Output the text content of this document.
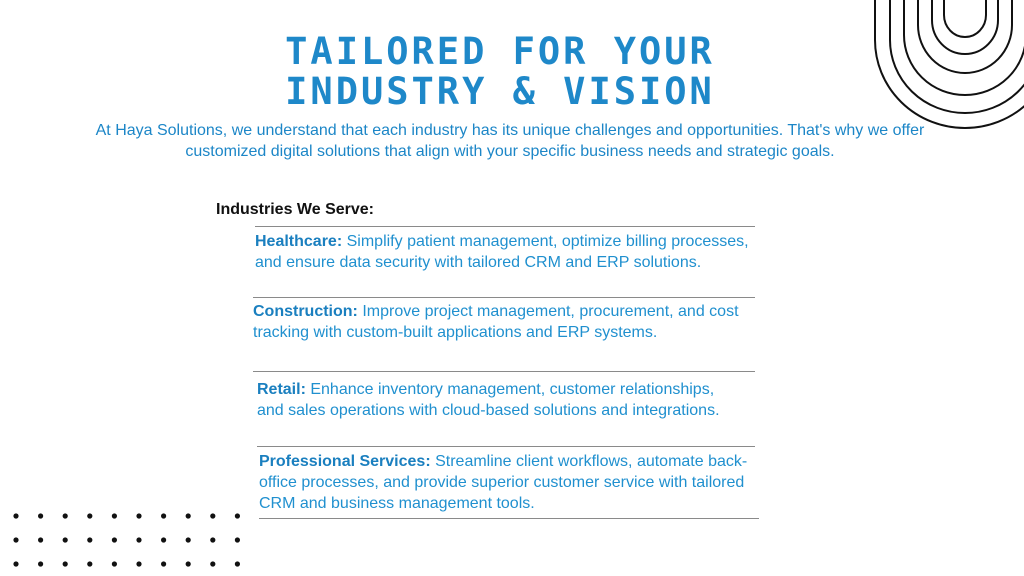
TAILORED FOR YOUR
INDUSTRY & VISION
At Haya Solutions, we understand that each industry has its unique challenges and opportunities. That's why we offer customized digital solutions that align with your specific business needs and strategic goals.
Industries We Serve:
Healthcare: Simplify patient management, optimize billing processes, and ensure data security with tailored CRM and ERP solutions.
Construction: Improve project management, procurement, and cost tracking with custom-built applications and ERP systems.
Retail: Enhance inventory management, customer relationships, and sales operations with cloud-based solutions and integrations.
Professional Services: Streamline client workflows, automate back-office processes, and provide superior customer service with tailored CRM and business management tools.
